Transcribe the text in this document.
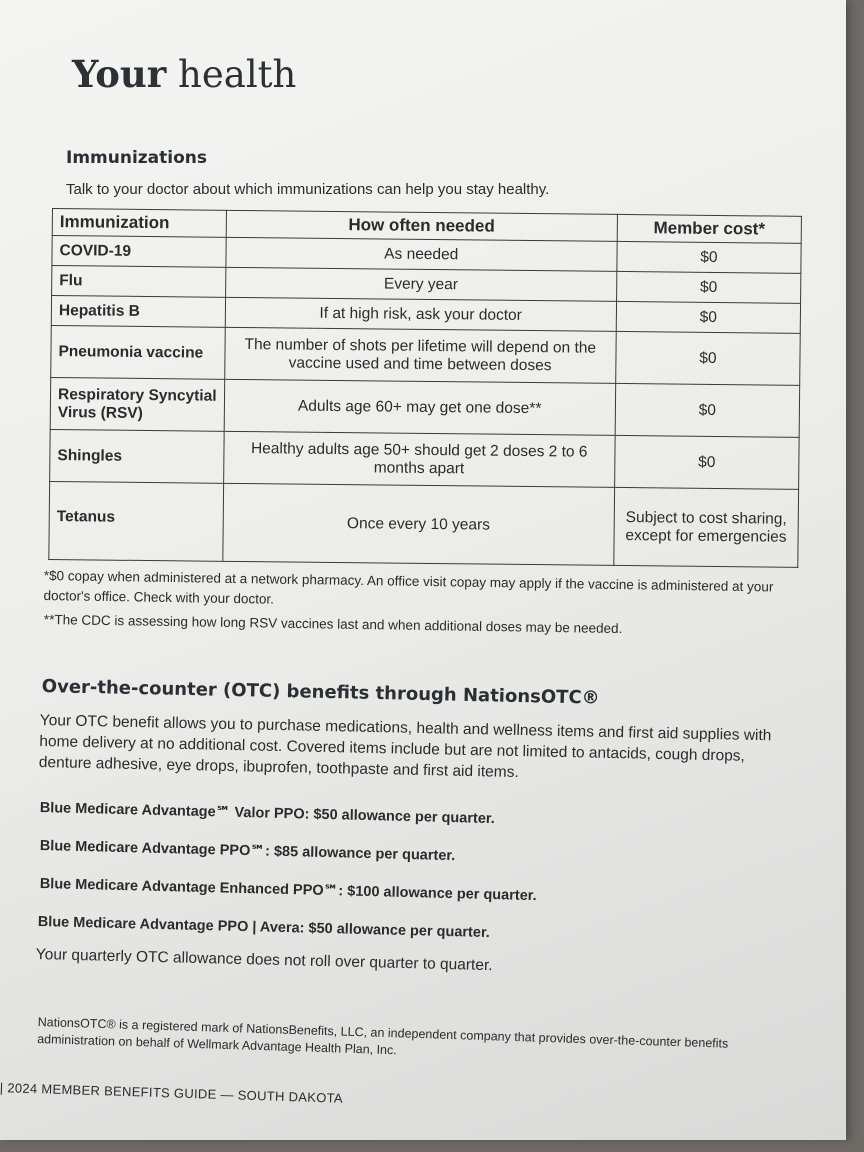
Your health
Immunizations
Talk to your doctor about which immunizations can help you stay healthy.
Immunization	How often needed	Member cost*
COVID-19	As needed	$0
Flu	Every year	$0
Hepatitis B	If at high risk, ask your doctor	$0
Pneumonia vaccine	The number of shots per lifetime will depend on the vaccine used and time between doses	$0
Respiratory Syncytial Virus (RSV)	Adults age 60+ may get one dose**	$0
Shingles	Healthy adults age 50+ should get 2 doses 2 to 6 months apart	$0
Tetanus	Once every 10 years	Subject to cost sharing, except for emergencies
*$0 copay when administered at a network pharmacy. An office visit copay may apply if the vaccine is administered at your doctor's office. Check with your doctor.
**The CDC is assessing how long RSV vaccines last and when additional doses may be needed.
Over-the-counter (OTC) benefits through NationsOTC®
Your OTC benefit allows you to purchase medications, health and wellness items and first aid supplies with home delivery at no additional cost. Covered items include but are not limited to antacids, cough drops, denture adhesive, eye drops, ibuprofen, toothpaste and first aid items.
Blue Medicare Advantage℠ Valor PPO: $50 allowance per quarter.
Blue Medicare Advantage PPO℠: $85 allowance per quarter.
Blue Medicare Advantage Enhanced PPO℠: $100 allowance per quarter.
Blue Medicare Advantage PPO | Avera: $50 allowance per quarter.
Your quarterly OTC allowance does not roll over quarter to quarter.
NationsOTC® is a registered mark of NationsBenefits, LLC, an independent company that provides over-the-counter benefits administration on behalf of Wellmark Advantage Health Plan, Inc.
| 2024 MEMBER BENEFITS GUIDE — SOUTH DAKOTA
